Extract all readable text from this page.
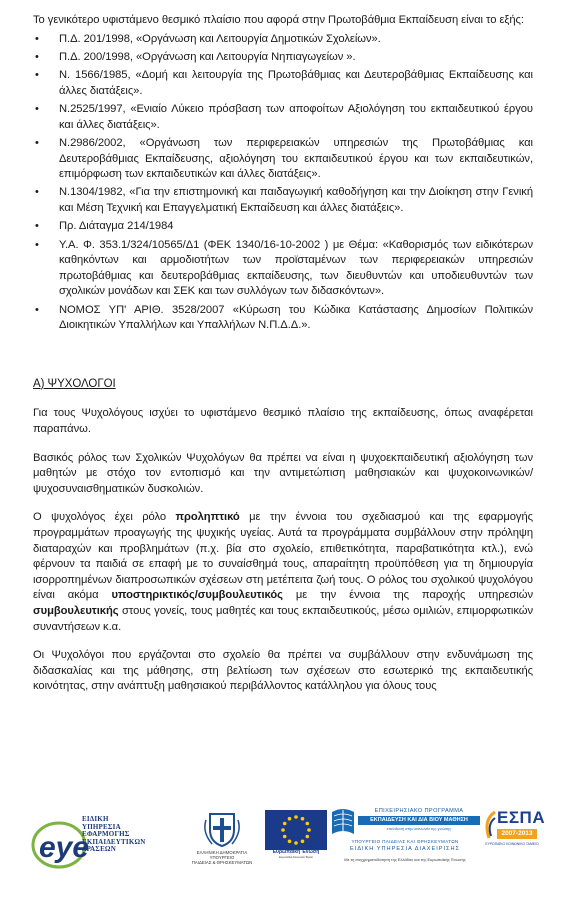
Το γενικότερο υφιστάμενο θεσμικό πλαίσιο που αφορά στην Πρωτοβάθμια Εκπαίδευση είναι το εξής:

• Π.Δ. 201/1998, «Οργάνωση και Λειτουργία Δημοτικών Σχολείων».
• Π.Δ. 200/1998, «Οργάνωση και Λειτουργία Νηπιαγωγείων ».
• Ν. 1566/1985, «Δομή και λειτουργία της Πρωτοβάθμιας και Δευτεροβάθμιας Εκπαίδευσης και άλλες διατάξεις».
• Ν.2525/1997, «Ενιαίο Λύκειο πρόσβαση των αποφοίτων Αξιολόγηση του εκπαιδευτικού έργου και άλλες διατάξεις».
• Ν.2986/2002, «Οργάνωση των περιφερειακών υπηρεσιών της Πρωτοβάθμιας και Δευτεροβάθμιας Εκπαίδευσης, αξιολόγηση του εκπαιδευτικού έργου και των εκπαιδευτικών, επιμόρφωση των εκπαιδευτικών και άλλες διατάξεις».
• Ν.1304/1982, «Για την επιστημονική και παιδαγωγική καθοδήγηση και την Διοίκηση στην Γενική και Μέση Τεχνική και Επαγγελματική Εκπαίδευση και άλλες διατάξεις».
• Πρ. Διάταγμα 214/1984
• Υ.Α. Φ. 353.1/324/10565/Δ1 (ΦΕΚ 1340/16-10-2002 ) με Θέμα: «Καθορισμός των ειδικότερων καθηκόντων και αρμοδιοτήτων των προϊσταμένων των περιφερειακών υπηρεσιών πρωτοβάθμιας και δευτεροβάθμιας εκπαίδευσης, των διευθυντών και υποδιευθυντών των σχολικών μονάδων και ΣΕΚ και των συλλόγων των διδασκόντων».
• ΝΟΜΟΣ ΥΠ' ΑΡΙΘ. 3528/2007 «Κύρωση του Κώδικα Κατάστασης Δημοσίων Πολιτικών Διοικητικών Υπαλλήλων και Υπαλλήλων Ν.Π.Δ.Δ.».

Α) ΨΥΧΟΛΟΓΟΙ

Για τους Ψυχολόγους ισχύει το υφιστάμενο θεσμικό πλαίσιο της εκπαίδευσης, όπως αναφέρεται παραπάνω.

Βασικός ρόλος των Σχολικών Ψυχολόγων θα πρέπει να είναι η ψυχοεκπαιδευτική αξιολόγηση των μαθητών με στόχο τον εντοπισμό και την αντιμετώπιση μαθησιακών και ψυχοκοινωνικών/ψυχοσυναισθηματικών δυσκολιών.

Ο ψυχολόγος έχει ρόλο προληπτικό με την έννοια του σχεδιασμού και της εφαρμογής προγραμμάτων προαγωγής της ψυχικής υγείας. Αυτά τα προγράμματα συμβάλλουν στην πρόληψη διαταραχών και προβλημάτων (π.χ. βία στο σχολείο, επιθετικότητα, παραβατικότητα κτλ.), ενώ φέρνουν τα παιδιά σε επαφή με το συναίσθημά τους, απαραίτητη προϋπόθεση για τη δημιουργία ισορροπημένων διαπροσωπικών σχέσεων στη μετέπειτα ζωή τους. Ο ρόλος του σχολικού ψυχολόγου είναι ακόμα υποστηρικτικός/συμβουλευτικός με την έννοια της παροχής υπηρεσιών συμβουλευτικής στους γονείς, τους μαθητές και τους εκπαιδευτικούς, μέσω ομιλιών, επιμορφωτικών συναντήσεων κ.α.

Οι Ψυχολόγοι που εργάζονται στο σχολείο θα πρέπει να συμβάλλουν στην ενδυνάμωση της διδασκαλίας και της μάθησης, στη βελτίωση των σχέσεων στο εσωτερικό της εκπαιδευτικής κοινότητας, στην ανάπτυξη μαθησιακού περιβάλλοντος κατάλληλου για όλους τους

eye
ΕΙΔΙΚΗ
ΥΠΗΡΕΣΙΑ
ΕΦΑΡΜΟΓΗΣ
ΕΚΠΑΙΔΕΥΤΙΚΩΝ
ΔΡΑΣΕΩΝ	ΕΛΛΗΝΙΚΗ ΔΗΜΟΚΡΑΤΙΑ
ΥΠΟΥΡΓΕΙΟ
ΠΑΙΔΕΙΑΣ & ΘΡΗΣΚΕΥΜΑΤΩΝ
Ευρωπαϊκή Ένωση
Ευρωπαϊκό Κοινωνικό Ταμείο
ΕΠΙΧΕΙΡΗΣΙΑΚΟ ΠΡΟΓΡΑΜΜΑ
ΕΚΠΑΙΔΕΥΣΗ ΚΑΙ ΔΙΑ ΒΙΟΥ ΜΑΘΗΣΗ
επένδυση στην κοινωνία της γνώσης
ΥΠΟΥΡΓΕΙΟ ΠΑΙΔΕΙΑΣ ΚΑΙ ΘΡΗΣΚΕΥΜΑΤΩΝ
ΕΙΔΙΚΗ ΥΠΗΡΕΣΙΑ ΔΙΑΧΕΙΡΙΣΗΣ
Με τη συγχρηματοδότηση της Ελλάδας και της Ευρωπαϊκής Ένωσης
ΕΣΠΑ
2007-2013
ΕΥΡΩΠΑΪΚΟ ΚΟΙΝΩΝΙΚΟ ΤΑΜΕΙΟ
